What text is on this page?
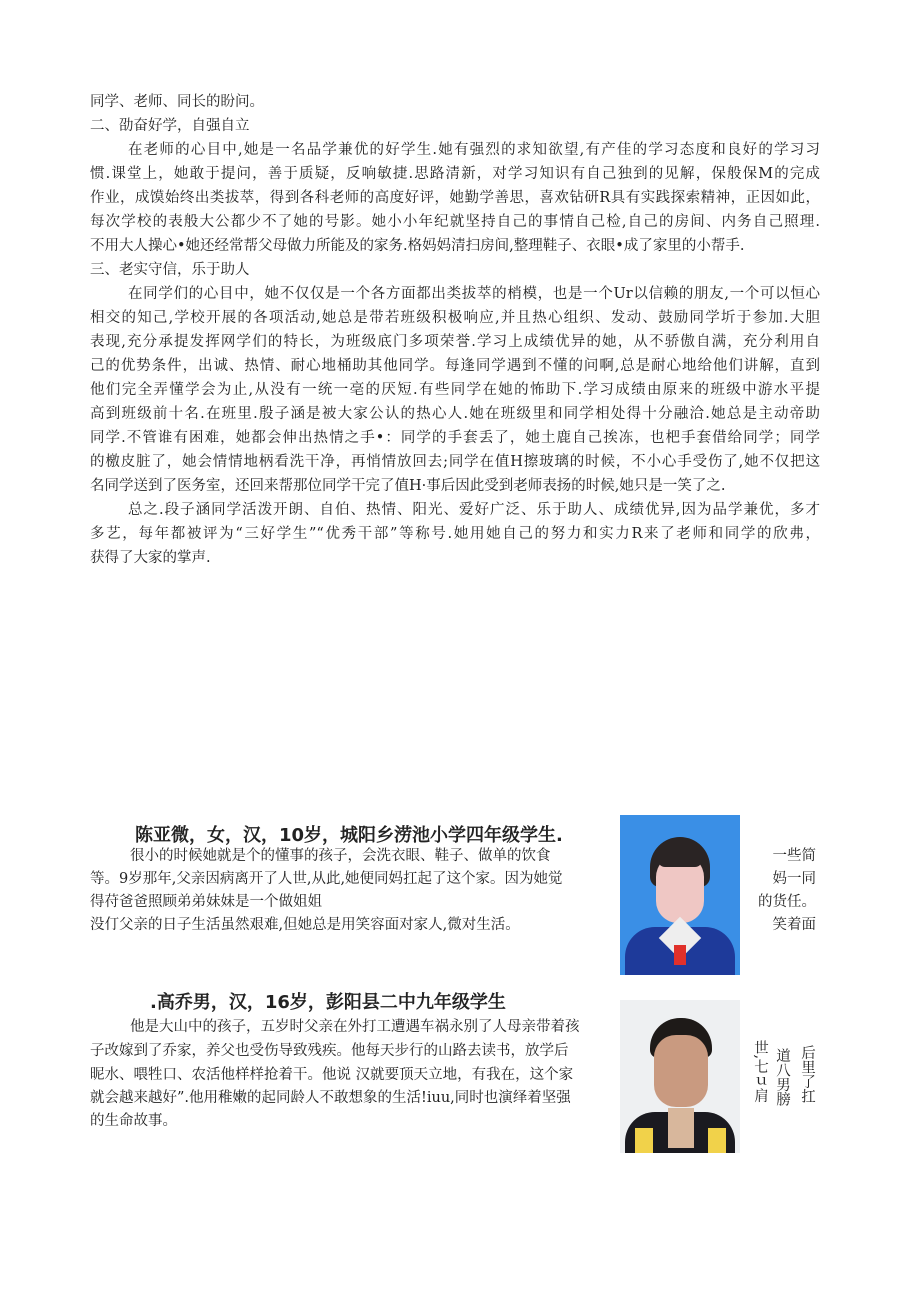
同学、老师、同长的盼问。
二、劭奋好学，自强自立
在老师的心目中,她是一名品学兼优的好学生.她有强烈的求知欲望,有产佳的学习态度和良好的学习习
惯.课堂上，她敢于提问，善于质疑，反响敏捷.思路清新，对学习知识有自己独到的见解，保般保M的完成
作业，成馍始终出类拔萃，得到各科老师的高度好评，她勤学善思，喜欢钻研R具有实践探索精神，正因如此，
每次学校的表般大公都少不了她的号影。她小小年纪就坚持自己的事情自己检,自己的房间、内务自己照理.
不用大人操心•她还经常帮父母做力所能及的家务.格妈妈清扫房间,整理鞋子、衣眼•成了家里的小帮手.
三、老实守信，乐于助人
在同学们的心目中，她不仅仅是一个各方面都出类拔萃的梢模，也是一个Ur以信赖的朋友,一个可以恒心
相交的知己,学校开展的各项活动,她总是带若班级积极响应,并且热心组织、发动、鼓励同学圻于参加.大胆
表现,充分承提发挥网学们的特长，为班级底门多项荣誉.学习上成绩优异的她，从不骄傲自满，充分利用自
己的优势条件，出诚、热情、耐心地桶助其他同学。每逢同学遇到不懂的问啊,总是耐心地给他们讲解，直到
他们完全弄懂学会为止,从没有一统一亳的厌短.有些同学在她的怖助下.学习成绩由原来的班级中游水平提
高到班级前十名.在班里.殷子涵是被大家公认的热心人.她在班级里和同学相处得十分融洽.她总是主动帝助
同学.不管谁有困难，她都会伸出热情之手•：同学的手套丢了，她土鹿自己挨冻，也杷手套借给同学；同学
的檄皮脏了，她会情情地柄看洗干净，再悄情放回去;同学在值H擦玻璃的时候，不小心手受伤了,她不仅把这
名同学送到了医务室，还回来帮那位同学干完了值H·事后因此受到老师表扬的时候,她只是一笑了之.
总之.段子涵同学活泼开朗、自伯、热情、阳光、爱好广泛、乐于助人、成绩优异,因为品学兼优，多才
多艺，每年都被评为“三好学生”“优秀干部”等称号.她用她自己的努力和实力R来了老师和同学的欣弗，
获得了大家的掌声.
陈亚微，女，汉，10岁，城阳乡涝池小学四年级学生.
很小的时候她就是个的懂事的孩子，会洗衣眼、鞋子、做单的饮食
等。9岁那年,父亲因病离开了人世,从此,她便同妈扛起了这个家。因为她觉
得苻爸爸照顾弟弟妹妹是一个做姐姐
没仃父亲的日子生活虽然艰难,但她总是用笑容面对家人,微对生活。
一些简
妈一同
的货任。
笑着面
.高乔男，汉，16岁，彭阳县二中九年级学生
他是大山中的孩子，五岁时父亲在外打工遭遇车祸永别了人母亲带着孩
子改嫁到了乔家，养父也受伤导致残疾。他每天步行的山路去读书，放学后
昵水、喂牲口、农活他样样抢着干。他说 汉就要顶天立地，有我在，这个家
就会越来越好”.他用稚嫩的起同龄人不敢想象的生活!iuu,同时也演绎着坚强
的生命故事。
后里了扛
道八男膀
世,七ｕ肩
